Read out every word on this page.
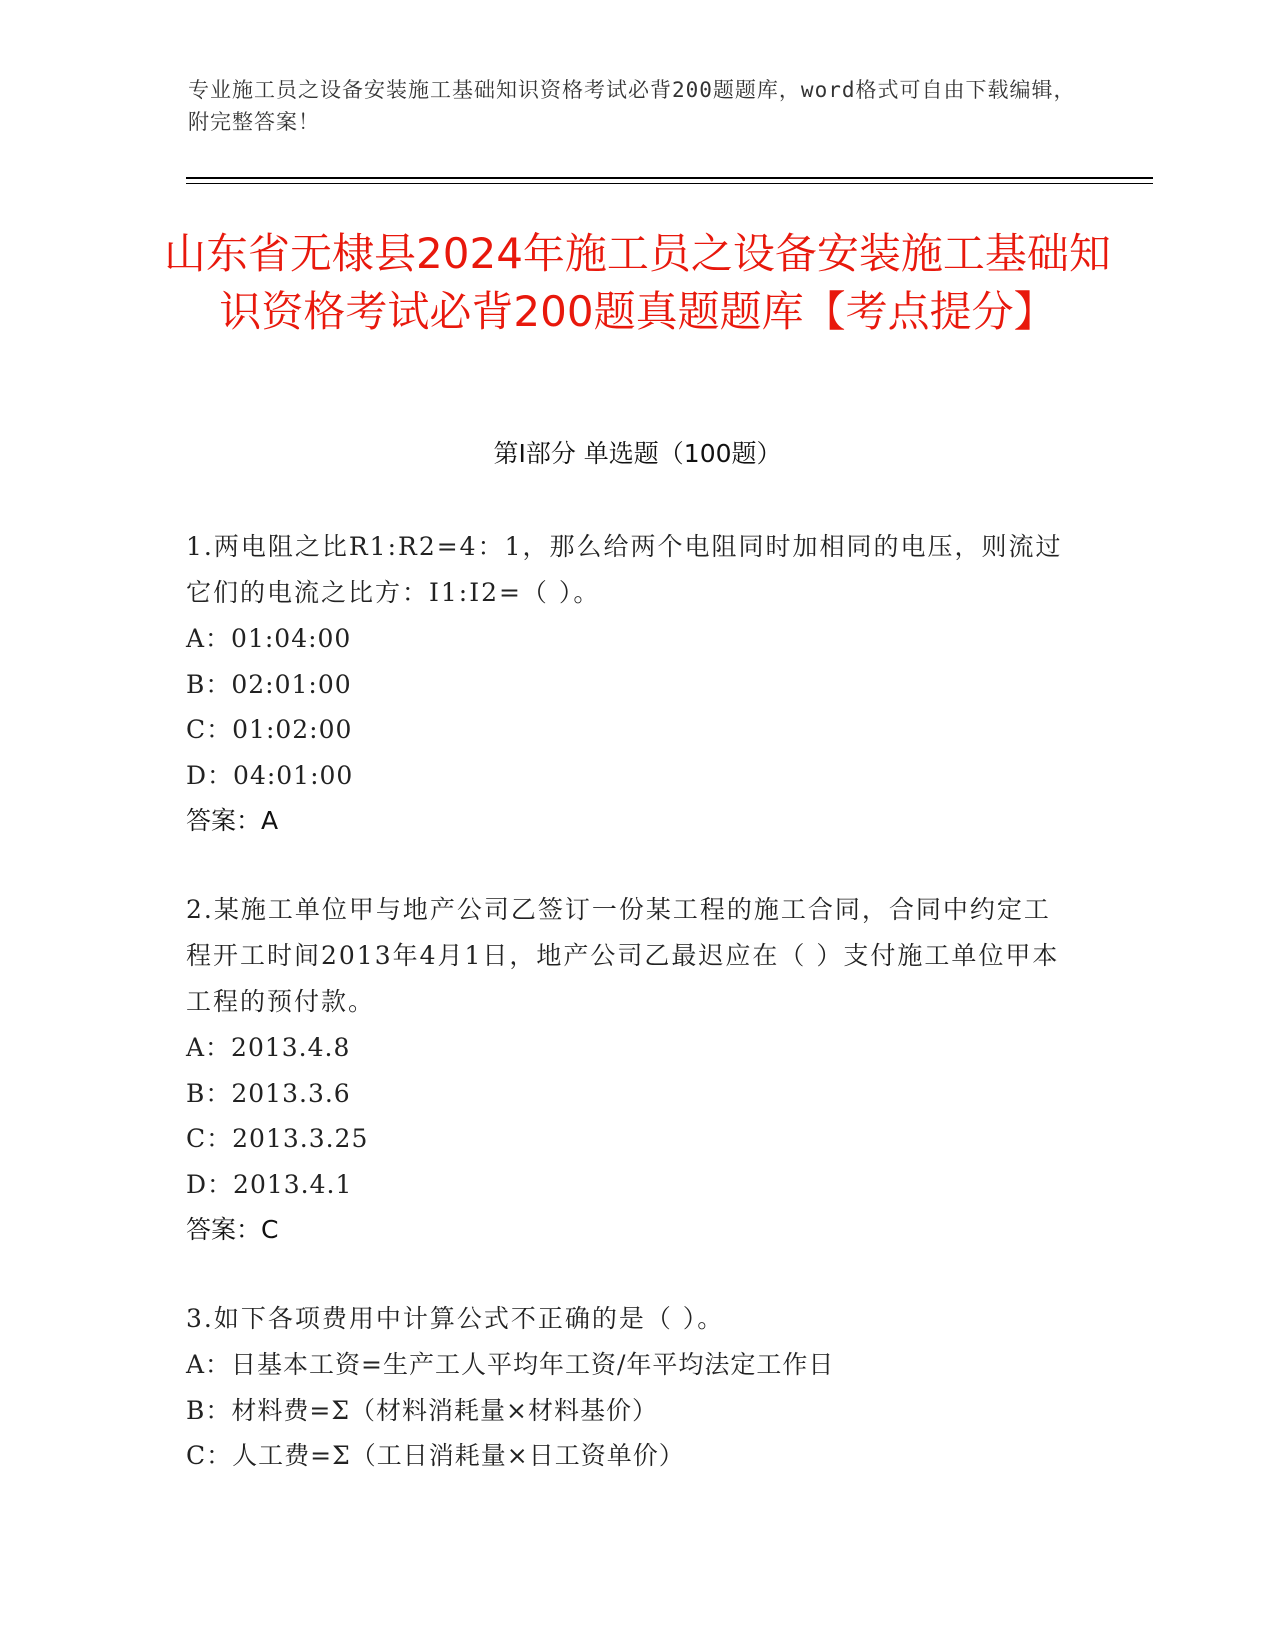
专业施工员之设备安装施工基础知识资格考试必背200题题库，word格式可自由下载编辑，附完整答案！
山东省无棣县2024年施工员之设备安装施工基础知识资格考试必背200题真题题库【考点提分】
第I部分 单选题（100题）
1.两电阻之比R1:R2=4：1，那么给两个电阻同时加相同的电压，则流过它们的电流之比方：I1:I2=（ ）。
A：01:04:00
B：02:01:00
C：01:02:00
D：04:01:00
答案：A
2.某施工单位甲与地产公司乙签订一份某工程的施工合同，合同中约定工程开工时间2013年4月1日，地产公司乙最迟应在（ ）支付施工单位甲本工程的预付款。
A：2013.4.8
B：2013.3.6
C：2013.3.25
D：2013.4.1
答案：C
3.如下各项费用中计算公式不正确的是（ ）。
A：日基本工资=生产工人平均年工资/年平均法定工作日
B：材料费=Σ（材料消耗量×材料基价）
C：人工费=Σ（工日消耗量×日工资单价）
